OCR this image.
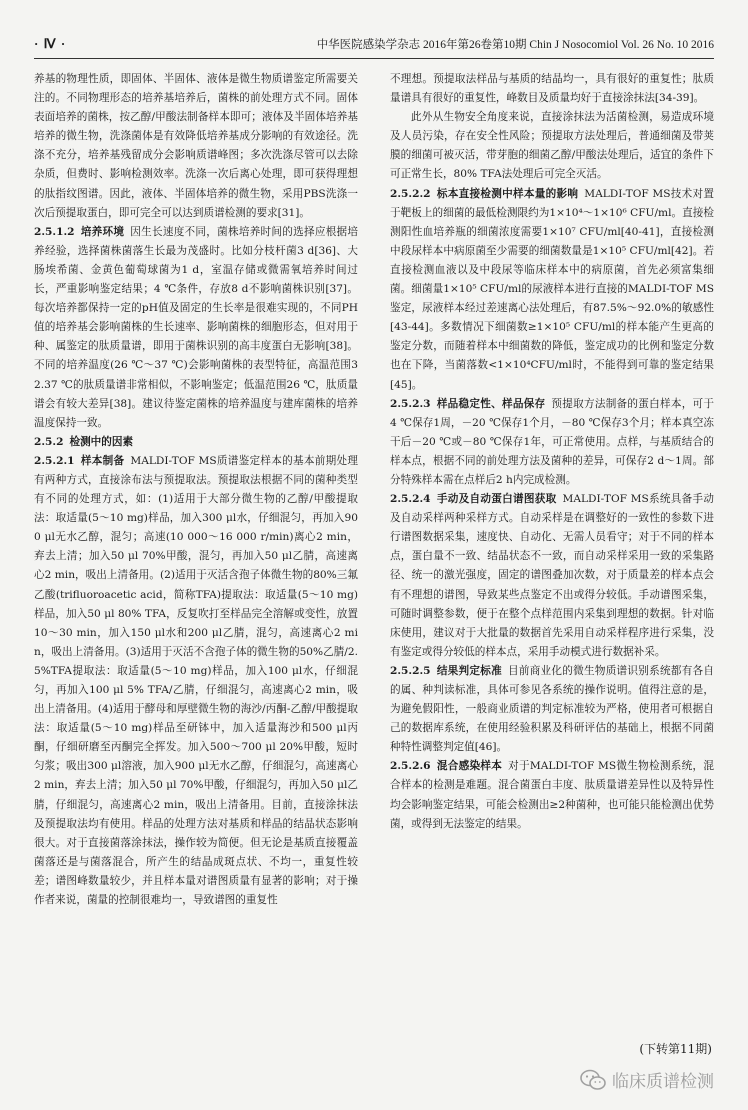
· Ⅳ ·	中华医院感染学杂志 2016年第26卷第10期 Chin J Nosocomiol Vol. 26 No. 10 2016

养基的物理性质，即固体、半固体、液体是微生物质谱鉴定所需要关注的。不同物理形态的培养基培养后，菌株的前处理方式不同。固体表面培养的菌株，按乙醇/甲酸法制备样本即可；液体及半固体培养基培养的微生物，洗涤菌体是有效降低培养基成分影响的有效途径。洗涤不充分，培养基残留成分会影响质谱峰图；多次洗涤尽管可以去除杂质，但费时、影响检测效率。洗涤一次后离心处理，即可获得理想的肽指纹图谱。因此，液体、半固体培养的微生物，采用PBS洗涤一次后预提取蛋白，即可完全可以达到质谱检测的要求[31]。

2.5.1.2 培养环境 因生长速度不同，菌株培养时间的选择应根据培养经验，选择菌株菌落生长最为茂盛时。比如分枝杆菌3 d[36]、大肠埃希菌、金黄色葡萄球菌为1 d，室温存储或微需氧培养时间过长，严重影响鉴定结果；4 ℃条件，存放8 d不影响菌株识别[37]。每次培养都保持一定的pH值及固定的生长率是很难实现的，不同PH值的培养基会影响菌株的生长速率、影响菌株的细胞形态，但对用于种、属鉴定的肽质量谱，即用于菌株识别的高丰度蛋白无影响[38]。不同的培养温度(26 ℃～37 ℃)会影响菌株的表型特征，高温范围32.37 ℃的肽质量谱非常相似，不影响鉴定；低温范围26 ℃，肽质量谱会有较大差异[38]。建议待鉴定菌株的培养温度与建库菌株的培养温度保持一致。

2.5.2 检测中的因素

2.5.2.1 样本制备 MALDI-TOF MS质谱鉴定样本的基本前期处理有两种方式，直接涂布法与预提取法。预提取法根据不同的菌种类型有不同的处理方式，如：(1)适用于大部分微生物的乙醇/甲酸提取法：取适量(5～10 mg)样品，加入300 μl水，仔细混匀，再加入900 μl无水乙醇，混匀；高速(10 000～16 000 r/min)离心2 min，弃去上清；加入50 μl 70%甲酸，混匀，再加入50 μl乙腈，高速离心2 min，吸出上清备用。(2)适用于灭活含孢子体微生物的80%三氟乙酸(trifluoroacetic acid，简称TFA)提取法：取适量(5～10 mg)样品，加入50 μl 80% TFA，反复吹打至样品完全溶解或变性，放置10～30 min，加入150 μl水和200 μl乙腈，混匀，高速离心2 min，吸出上清备用。(3)适用于灭活不含孢子体的微生物的50%乙腈/2.5%TFA提取法：取适量(5～10 mg)样品，加入100 μl水，仔细混匀，再加入100 μl 5% TFA/乙腈，仔细混匀，高速离心2 min，吸出上清备用。(4)适用于酵母和厚壁微生物的海沙/丙酮-乙醇/甲酸提取法：取适量(5～10 mg)样品至研钵中，加入适量海沙和500 μl丙酮，仔细研磨至丙酮完全挥发。加入500～700 μl 20%甲酸，短时匀浆；吸出300 μl溶液，加入900 μl无水乙醇，仔细混匀，高速离心2 min，弃去上清；加入50 μl 70%甲酸，仔细混匀，再加入50 μl乙腈，仔细混匀，高速离心2 min，吸出上清备用。目前，直接涂抹法及预提取法均有使用。样品的处理方法对基质和样品的结晶状态影响很大。对于直接菌落涂抹法，操作较为简便。但无论是基质直接覆盖菌落还是与菌落混合，所产生的结晶成斑点状、不均一，重复性较差；谱图峰数量较少，并且样本量对谱图质量有显著的影响；对于操作者来说，菌量的控制很难均一，导致谱图的重复性

不理想。预提取法样品与基质的结晶均一，具有很好的重复性；肽质量谱具有很好的重复性，峰数目及质量均好于直接涂抹法[34-39]。

此外从生物安全角度来说，直接涂抹法为活菌检测，易造成环境及人员污染，存在安全性风险；预提取方法处理后，普通细菌及带荚膜的细菌可被灭活，带芽胞的细菌乙醇/甲酸法处理后，适宜的条件下可正常生长，80% TFA法处理后可完全灭活。

2.5.2.2 标本直接检测中样本量的影响 MALDI-TOF MS技术对置于靶板上的细菌的最低检测限约为1×10⁴～1×10⁶ CFU/ml。直接检测阳性血培养瓶的细菌浓度需要1×10⁷ CFU/ml[40-41]，直接检测中段尿样本中病原菌至少需要的细菌数量是1×10⁵ CFU/ml[42]。若直接检测血液以及中段尿等临床样本中的病原菌，首先必须富集细菌。细菌量1×10⁵ CFU/ml的尿液样本进行直接的MALDI-TOF MS鉴定，尿液样本经过差速离心法处理后，有87.5%～92.0%的敏感性[43-44]。多数情况下细菌数≥1×10⁵ CFU/ml的样本能产生更高的鉴定分数，而随着样本中细菌数的降低，鉴定成功的比例和鉴定分数也在下降，当菌落数<1×10⁴CFU/ml时，不能得到可靠的鉴定结果[45]。

2.5.2.3 样品稳定性、样品保存 预提取方法制备的蛋白样本，可于4 ℃保存1周，－20 ℃保存1个月，－80 ℃保存3个月；样本真空冻干后－20 ℃或－80 ℃保存1年，可正常使用。点样，与基质结合的样本点，根据不同的前处理方法及菌种的差异，可保存2 d～1周。部分特殊样本需在点样后2 h内完成检测。

2.5.2.4 手动及自动蛋白谱图获取 MALDI-TOF MS系统具备手动及自动采样两种采样方式。自动采样是在调整好的一致性的参数下进行谱图数据采集，速度快、自动化、无需人员看守；对于不同的样本点，蛋白量不一致、结晶状态不一致，而自动采样采用一致的采集路径、统一的激光强度，固定的谱图叠加次数，对于质量差的样本点会有不理想的谱图，导致某些点鉴定不出或得分较低。手动谱图采集，可随时调整参数，便于在整个点样范围内采集到理想的数据。针对临床使用，建议对于大批量的数据首先采用自动采样程序进行采集，没有鉴定或得分较低的样本点，采用手动模式进行数据补采。

2.5.2.5 结果判定标准 目前商业化的微生物质谱识别系统都有各自的属、种判读标准，具体可参见各系统的操作说明。值得注意的是，为避免假阳性，一般商业质谱的判定标准较为严格，使用者可根据自己的数据库系统，在使用经验积累及科研评估的基础上，根据不同菌种特性调整判定值[46]。

2.5.2.6 混合感染样本 对于MALDI-TOF MS微生物检测系统，混合样本的检测是难题。混合菌蛋白丰度、肽质量谱差异性以及特异性均会影响鉴定结果，可能会检测出≥2种菌种，也可能只能检测出优势菌，或得到无法鉴定的结果。

(下转第11期)
临床质谱检测
